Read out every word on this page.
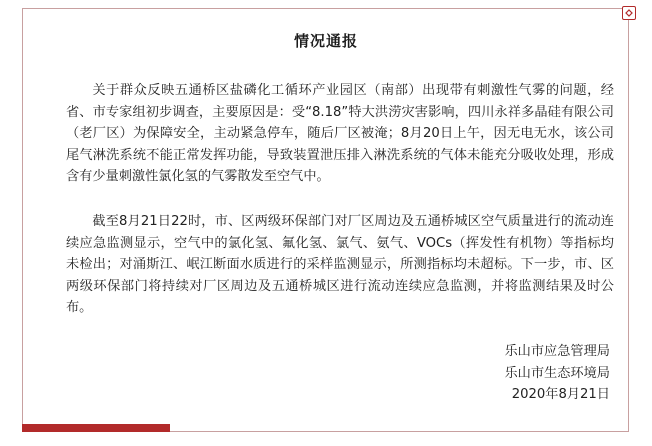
情况通报

关于群众反映五通桥区盐磷化工循环产业园区（南部）出现带有刺激性气雾的问题，经省、市专家组初步调查，主要原因是：受“8.18”特大洪涝灾害影响，四川永祥多晶硅有限公司（老厂区）为保障安全，主动紧急停车，随后厂区被淹；8月20日上午，因无电无水，该公司尾气淋洗系统不能正常发挥功能，导致装置泄压排入淋洗系统的气体未能充分吸收处理，形成含有少量刺激性氯化氢的气雾散发至空气中。

截至8月21日22时，市、区两级环保部门对厂区周边及五通桥城区空气质量进行的流动连续应急监测显示，空气中的氯化氢、氟化氢、氯气、氨气、VOCs（挥发性有机物）等指标均未检出；对涌斯江、岷江断面水质进行的采样监测显示，所测指标均未超标。下一步，市、区两级环保部门将持续对厂区周边及五通桥城区进行流动连续应急监测，并将监测结果及时公布。

乐山市应急管理局
乐山市生态环境局
2020年8月21日
